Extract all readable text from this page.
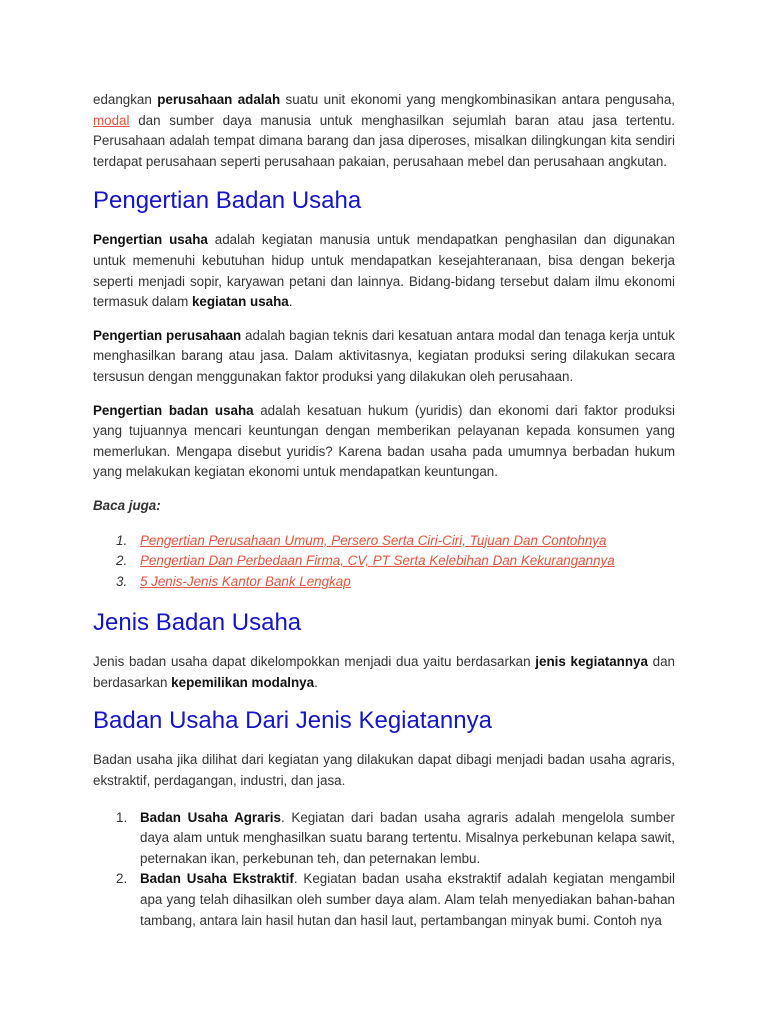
edangkan perusahaan adalah suatu unit ekonomi yang mengkombinasikan antara pengusaha, modal dan sumber daya manusia untuk menghasilkan sejumlah baran atau jasa tertentu. Perusahaan adalah tempat dimana barang dan jasa diperoses, misalkan dilingkungan kita sendiri terdapat perusahaan seperti perusahaan pakaian, perusahaan mebel dan perusahaan angkutan.

Pengertian Badan Usaha

Pengertian usaha adalah kegiatan manusia untuk mendapatkan penghasilan dan digunakan untuk memenuhi kebutuhan hidup untuk mendapatkan kesejahteranaan, bisa dengan bekerja seperti menjadi sopir, karyawan petani dan lainnya. Bidang-bidang tersebut dalam ilmu ekonomi termasuk dalam kegiatan usaha.

Pengertian perusahaan adalah bagian teknis dari kesatuan antara modal dan tenaga kerja untuk menghasilkan barang atau jasa. Dalam aktivitasnya, kegiatan produksi sering dilakukan secara tersusun dengan menggunakan faktor produksi yang dilakukan oleh perusahaan.

Pengertian badan usaha adalah kesatuan hukum (yuridis) dan ekonomi dari faktor produksi yang tujuannya mencari keuntungan dengan memberikan pelayanan kepada konsumen yang memerlukan. Mengapa disebut yuridis? Karena badan usaha pada umumnya berbadan hukum yang melakukan kegiatan ekonomi untuk mendapatkan keuntungan.

Baca juga:

1. Pengertian Perusahaan Umum, Persero Serta Ciri-Ciri, Tujuan Dan Contohnya
2. Pengertian Dan Perbedaan Firma, CV, PT Serta Kelebihan Dan Kekurangannya
3. 5 Jenis-Jenis Kantor Bank Lengkap
Jenis Badan Usaha

Jenis badan usaha dapat dikelompokkan menjadi dua yaitu berdasarkan jenis kegiatannya dan berdasarkan kepemilikan modalnya.

Badan Usaha Dari Jenis Kegiatannya

Badan usaha jika dilihat dari kegiatan yang dilakukan dapat dibagi menjadi badan usaha agraris, ekstraktif, perdagangan, industri, dan jasa.

1. Badan Usaha Agraris. Kegiatan dari badan usaha agraris adalah mengelola sumber daya alam untuk menghasilkan suatu barang tertentu. Misalnya perkebunan kelapa sawit, peternakan ikan, perkebunan teh, dan peternakan lembu.
2. Badan Usaha Ekstraktif. Kegiatan badan usaha ekstraktif adalah kegiatan mengambil apa yang telah dihasilkan oleh sumber daya alam. Alam telah menyediakan bahan-bahan tambang, antara lain hasil hutan dan hasil laut, pertambangan minyak bumi. Contoh nya
